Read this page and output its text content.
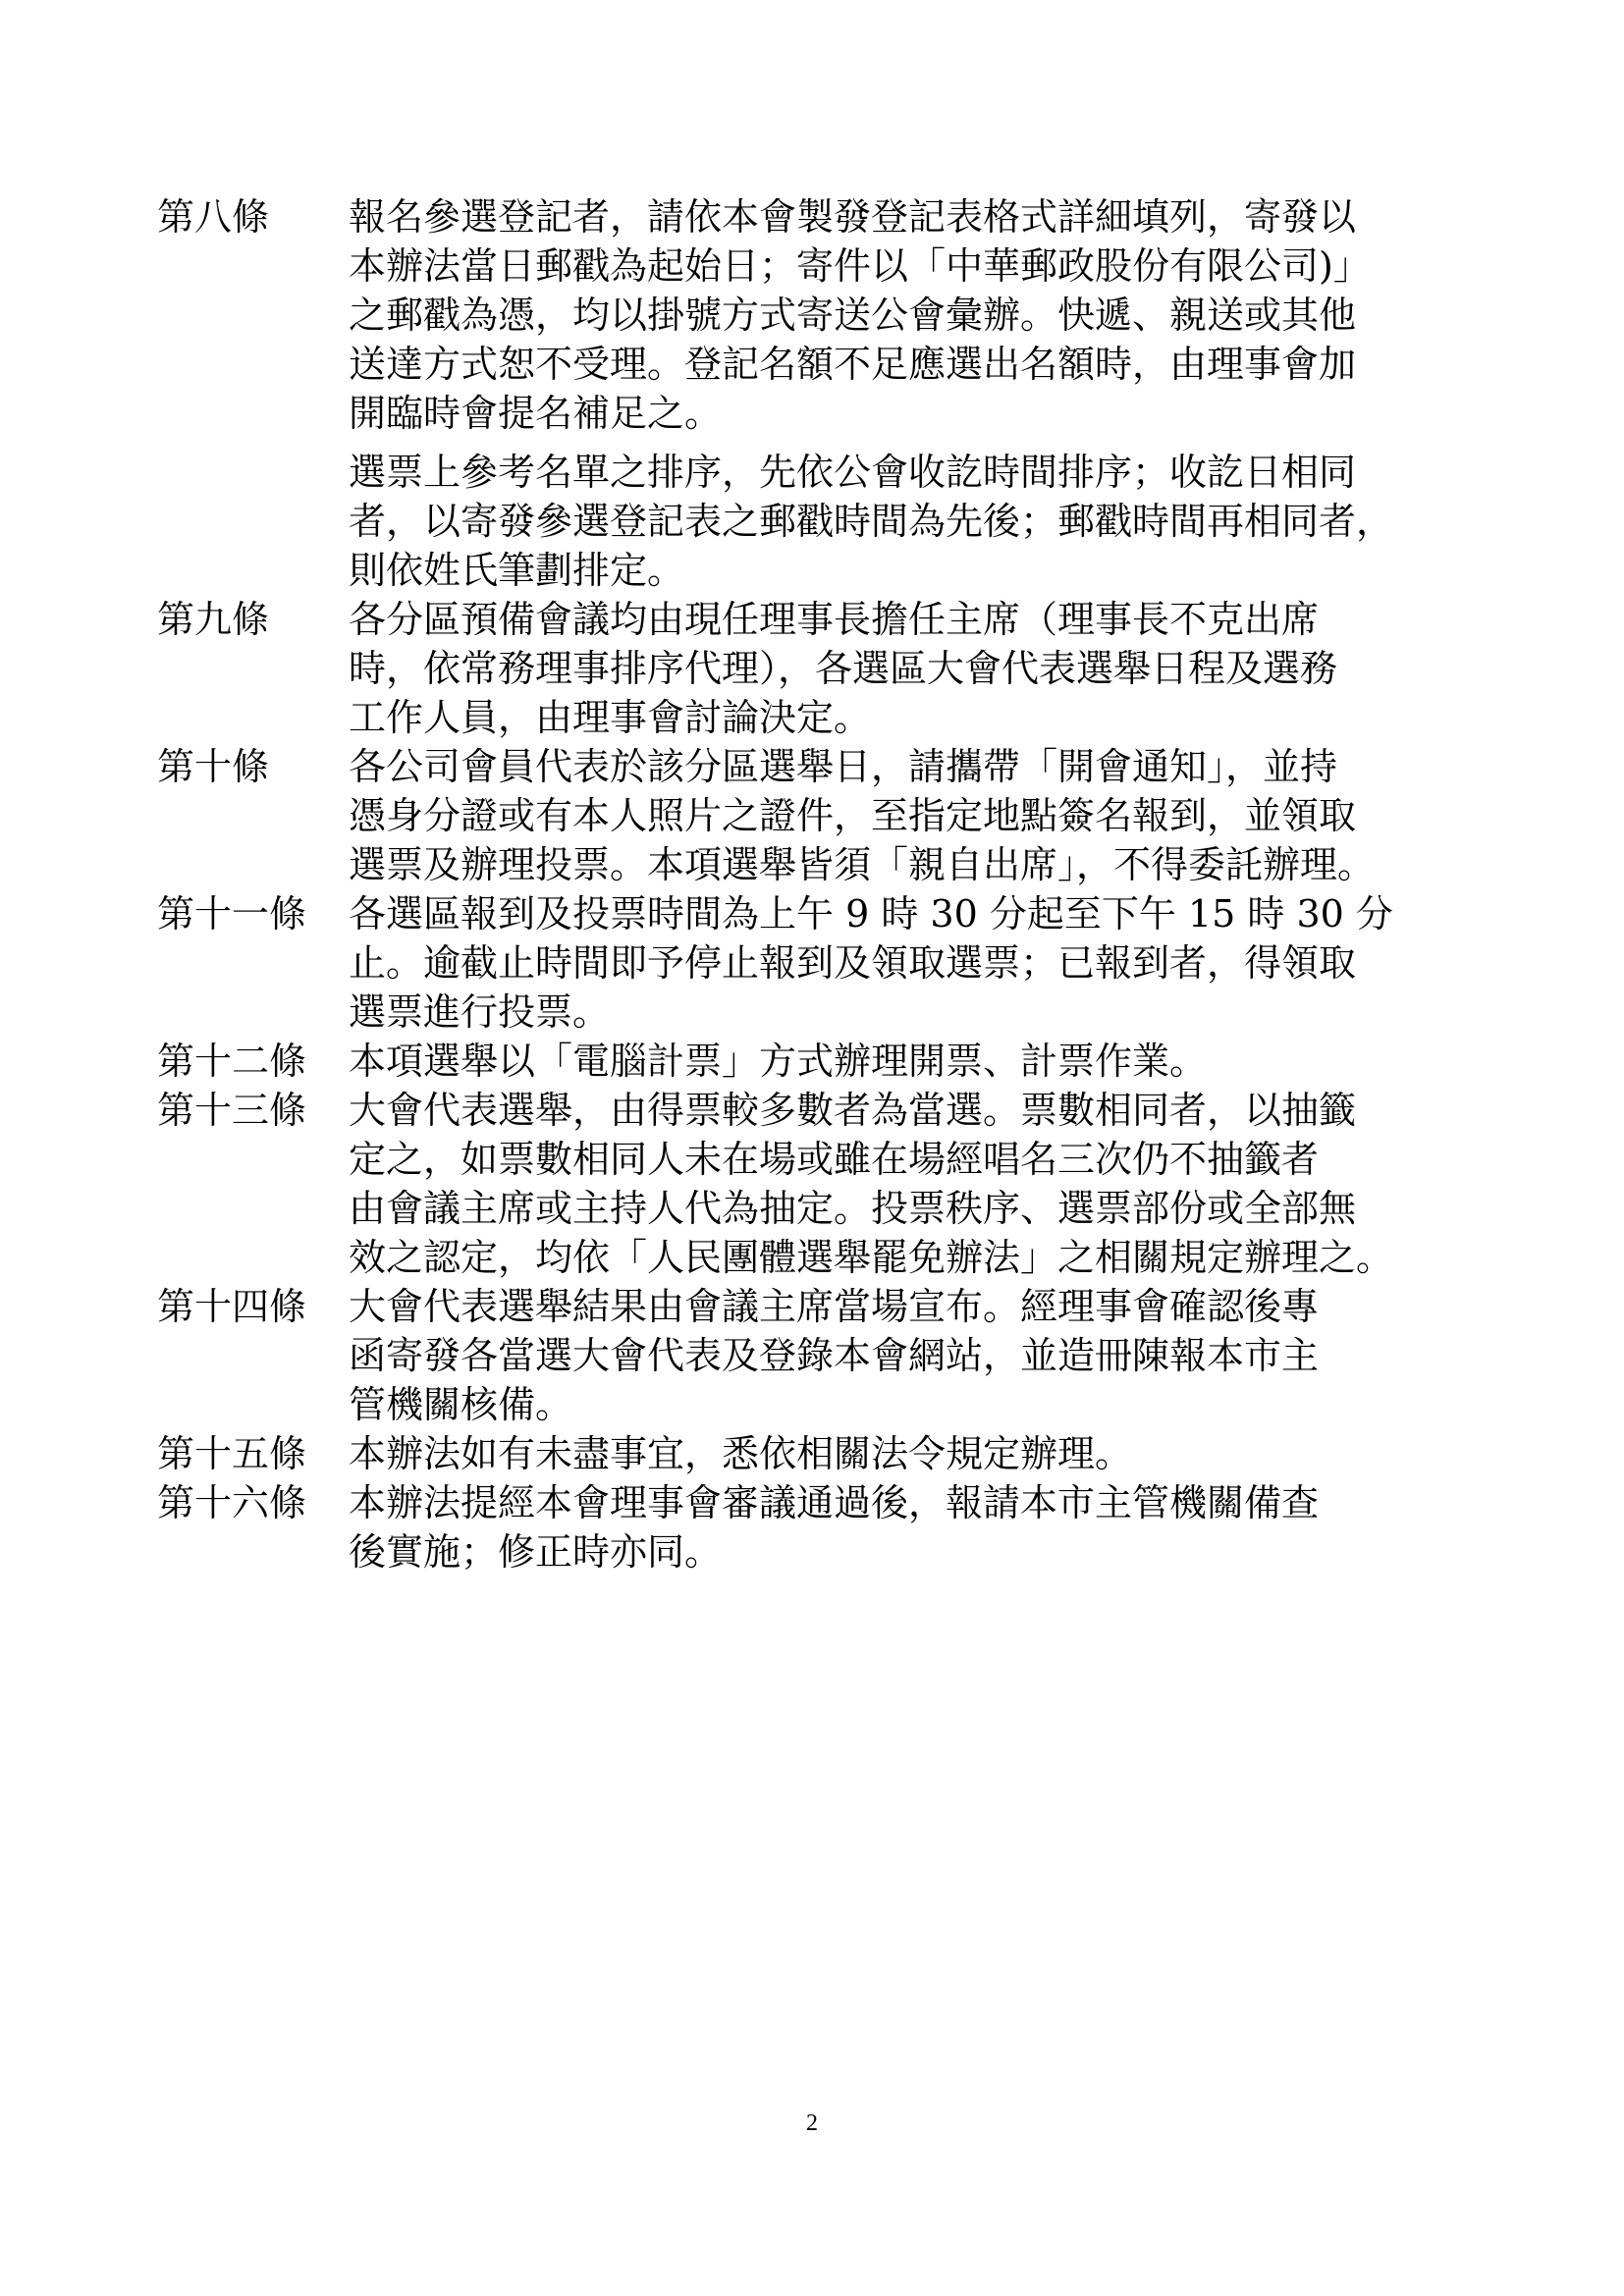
第八條	報名參選登記者，請依本會製發登記表格式詳細填列，寄發以
本辦法當日郵戳為起始日；寄件以「中華郵政股份有限公司)」
之郵戳為憑，均以掛號方式寄送公會彙辦。快遞、親送或其他
送達方式恕不受理。登記名額不足應選出名額時，由理事會加
開臨時會提名補足之。
選票上參考名單之排序，先依公會收訖時間排序；收訖日相同
者，以寄發參選登記表之郵戳時間為先後；郵戳時間再相同者，
則依姓氏筆劃排定。
第九條	各分區預備會議均由現任理事長擔任主席（理事長不克出席
時，依常務理事排序代理），各選區大會代表選舉日程及選務
工作人員，由理事會討論決定。
第十條	各公司會員代表於該分區選舉日，請攜帶「開會通知」，並持
憑身分證或有本人照片之證件，至指定地點簽名報到，並領取
選票及辦理投票。本項選舉皆須「親自出席」，不得委託辦理。
第十一條	各選區報到及投票時間為上午 9 時 30 分起至下午 15 時 30 分
止。逾截止時間即予停止報到及領取選票；已報到者，得領取
選票進行投票。
第十二條	本項選舉以「電腦計票」方式辦理開票、計票作業。
第十三條	大會代表選舉，由得票較多數者為當選。票數相同者，以抽籤
定之，如票數相同人未在場或雖在場經唱名三次仍不抽籤者
由會議主席或主持人代為抽定。投票秩序、選票部份或全部無
效之認定，均依「人民團體選舉罷免辦法」之相關規定辦理之。
第十四條	大會代表選舉結果由會議主席當場宣布。經理事會確認後專
函寄發各當選大會代表及登錄本會網站，並造冊陳報本市主
管機關核備。
第十五條	本辦法如有未盡事宜，悉依相關法令規定辦理。
第十六條	本辦法提經本會理事會審議通過後，報請本市主管機關備查
後實施；修正時亦同。
2
